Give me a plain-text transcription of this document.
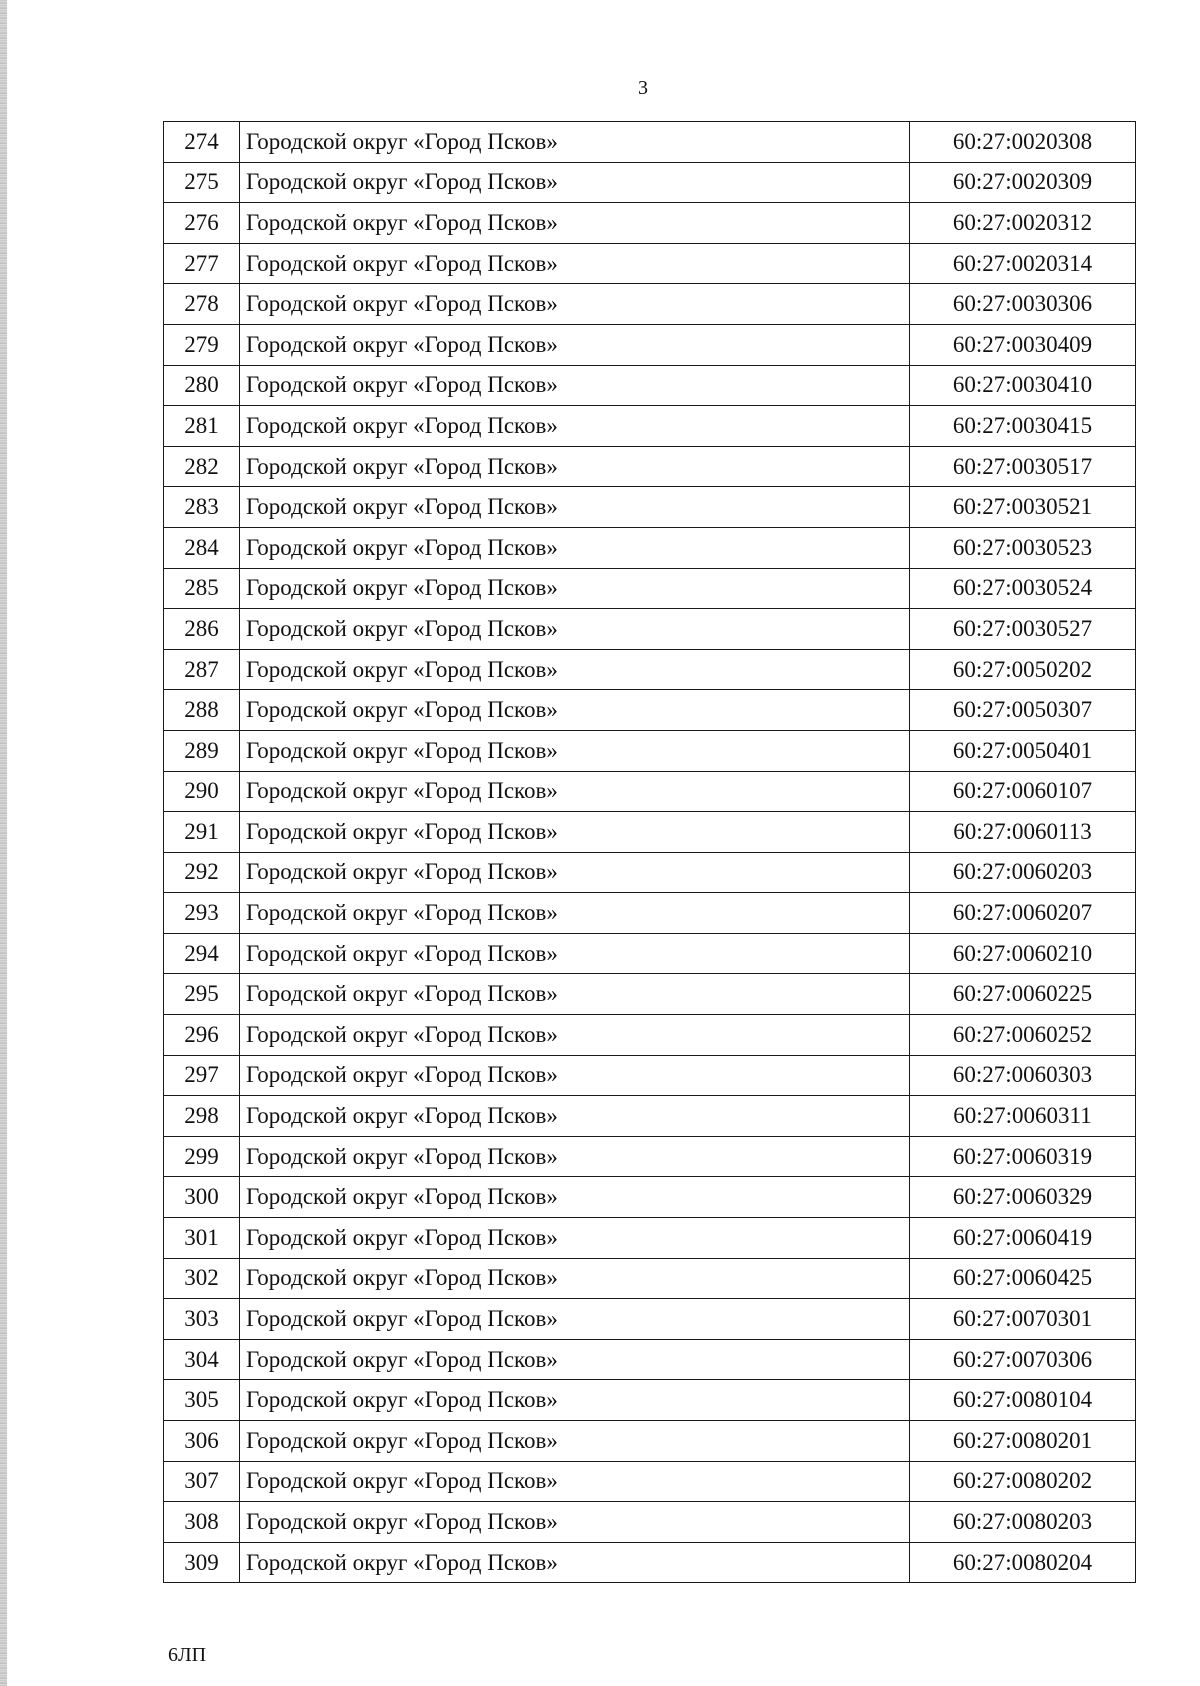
3
274	Городской округ «Город Псков»	60:27:0020308
275	Городской округ «Город Псков»	60:27:0020309
276	Городской округ «Город Псков»	60:27:0020312
277	Городской округ «Город Псков»	60:27:0020314
278	Городской округ «Город Псков»	60:27:0030306
279	Городской округ «Город Псков»	60:27:0030409
280	Городской округ «Город Псков»	60:27:0030410
281	Городской округ «Город Псков»	60:27:0030415
282	Городской округ «Город Псков»	60:27:0030517
283	Городской округ «Город Псков»	60:27:0030521
284	Городской округ «Город Псков»	60:27:0030523
285	Городской округ «Город Псков»	60:27:0030524
286	Городской округ «Город Псков»	60:27:0030527
287	Городской округ «Город Псков»	60:27:0050202
288	Городской округ «Город Псков»	60:27:0050307
289	Городской округ «Город Псков»	60:27:0050401
290	Городской округ «Город Псков»	60:27:0060107
291	Городской округ «Город Псков»	60:27:0060113
292	Городской округ «Город Псков»	60:27:0060203
293	Городской округ «Город Псков»	60:27:0060207
294	Городской округ «Город Псков»	60:27:0060210
295	Городской округ «Город Псков»	60:27:0060225
296	Городской округ «Город Псков»	60:27:0060252
297	Городской округ «Город Псков»	60:27:0060303
298	Городской округ «Город Псков»	60:27:0060311
299	Городской округ «Город Псков»	60:27:0060319
300	Городской округ «Город Псков»	60:27:0060329
301	Городской округ «Город Псков»	60:27:0060419
302	Городской округ «Город Псков»	60:27:0060425
303	Городской округ «Город Псков»	60:27:0070301
304	Городской округ «Город Псков»	60:27:0070306
305	Городской округ «Город Псков»	60:27:0080104
306	Городской округ «Город Псков»	60:27:0080201
307	Городской округ «Город Псков»	60:27:0080202
308	Городской округ «Город Псков»	60:27:0080203
309	Городской округ «Город Псков»	60:27:0080204
6ЛП
